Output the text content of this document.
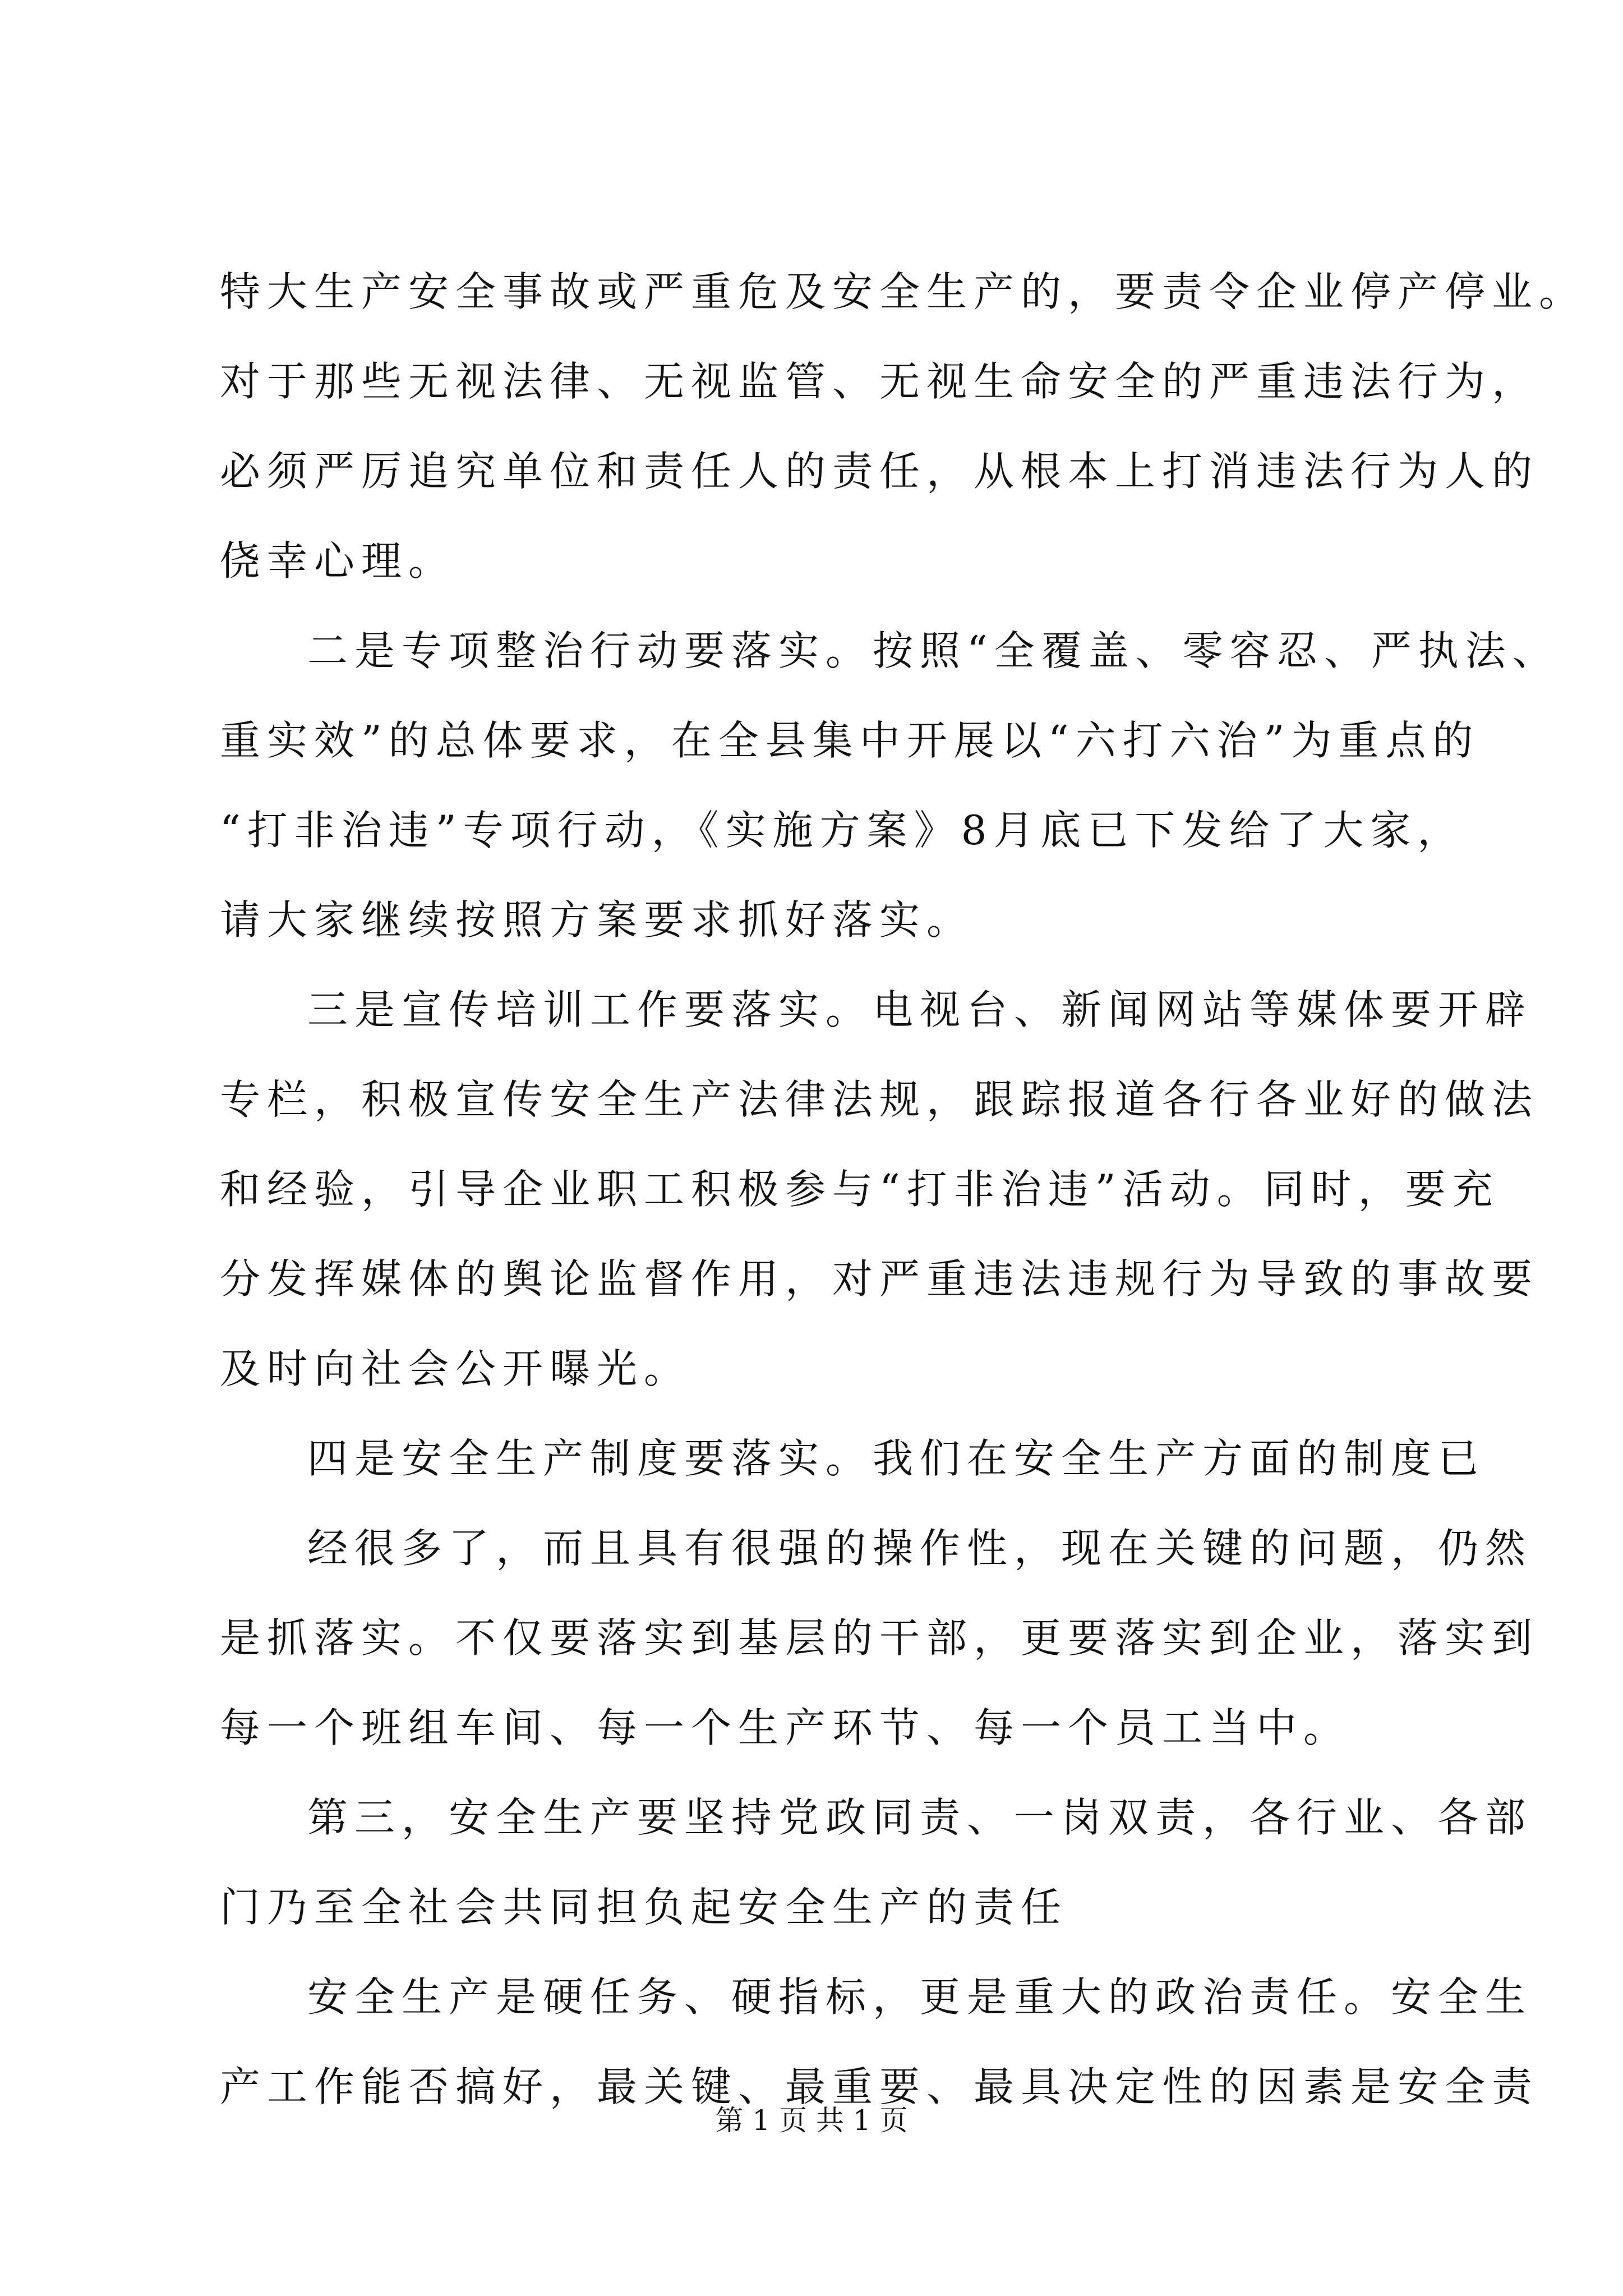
特大生产安全事故或严重危及安全生产的，要责令企业停产停业。

对于那些无视法律、无视监管、无视生命安全的严重违法行为，

必须严厉追究单位和责任人的责任，从根本上打消违法行为人的

侥幸心理。

二是专项整治行动要落实。按照“全覆盖、零容忍、严执法、

重实效”的总体要求，在全县集中开展以“六打六治”为重点的

“打非治违”专项行动，《实施方案》8月底已下发给了大家，

请大家继续按照方案要求抓好落实。

三是宣传培训工作要落实。电视台、新闻网站等媒体要开辟

专栏，积极宣传安全生产法律法规，跟踪报道各行各业好的做法

和经验，引导企业职工积极参与“打非治违”活动。同时，要充

分发挥媒体的舆论监督作用，对严重违法违规行为导致的事故要

及时向社会公开曝光。

四是安全生产制度要落实。我们在安全生产方面的制度已

经很多了，而且具有很强的操作性，现在关键的问题，仍然

是抓落实。不仅要落实到基层的干部，更要落实到企业，落实到

每一个班组车间、每一个生产环节、每一个员工当中。

第三，安全生产要坚持党政同责、一岗双责，各行业、各部

门乃至全社会共同担负起安全生产的责任

安全生产是硬任务、硬指标，更是重大的政治责任。安全生

产工作能否搞好，最关键、最重要、最具决定性的因素是安全责

第 1 页 共 1 页
